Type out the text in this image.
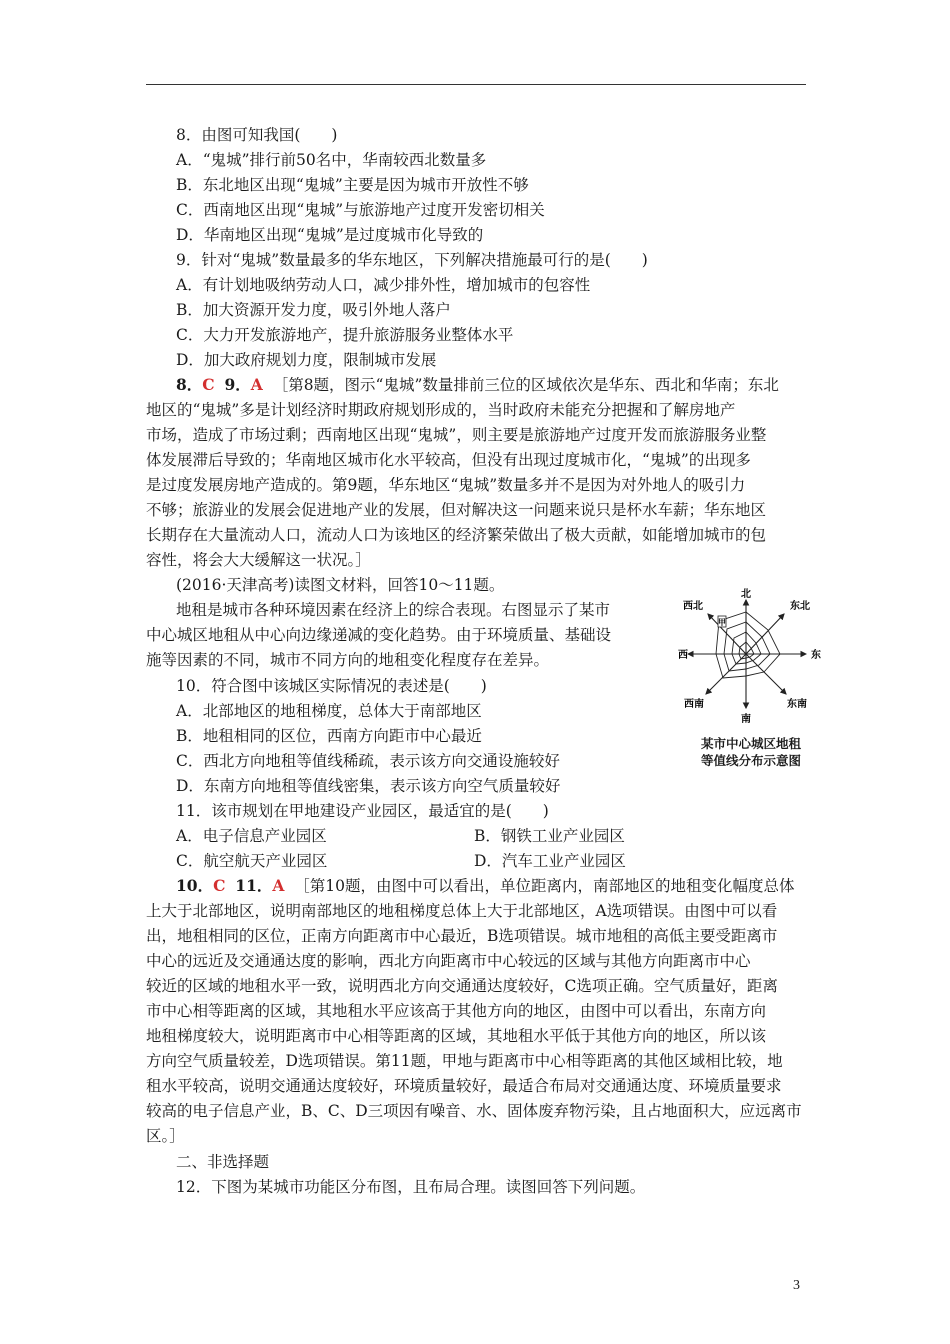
8．由图可知我国(　　)
A．“鬼城”排行前50名中，华南较西北数量多
B．东北地区出现“鬼城”主要是因为城市开放性不够
C．西南地区出现“鬼城”与旅游地产过度开发密切相关
D．华南地区出现“鬼城”是过度城市化导致的
9．针对“鬼城”数量最多的华东地区，下列解决措施最可行的是(　　)
A．有计划地吸纳劳动人口，减少排外性，增加城市的包容性
B．加大资源开发力度，吸引外地人落户
C．大力开发旅游地产，提升旅游服务业整体水平
D．加大政府规划力度，限制城市发展
8．C 9．A ［第8题，图示“鬼城”数量排前三位的区域依次是华东、西北和华南；东北
地区的“鬼城”多是计划经济时期政府规划形成的，当时政府未能充分把握和了解房地产
市场，造成了市场过剩；西南地区出现“鬼城”，则主要是旅游地产过度开发而旅游服务业整
体发展滞后导致的；华南地区城市化水平较高，但没有出现过度城市化，“鬼城”的出现多
是过度发展房地产造成的。第9题，华东地区“鬼城”数量多并不是因为对外地人的吸引力
不够；旅游业的发展会促进地产业的发展，但对解决这一问题来说只是杯水车薪；华东地区
长期存在大量流动人口，流动人口为该地区的经济繁荣做出了极大贡献，如能增加城市的包
容性，将会大大缓解这一状况。］
(2016·天津高考)读图文材料，回答10～11题。
地租是城市各种环境因素在经济上的综合表现。右图显示了某市
中心城区地租从中心向边缘递减的变化趋势。由于环境质量、基础设
施等因素的不同，城市不同方向的地租变化程度存在差异。
甲
北
东北
东
东南
南
西南
西
西北
某市中心城区地租
等值线分布示意图
10．符合图中该城区实际情况的表述是(　　)
A．北部地区的地租梯度，总体大于南部地区
B．地租相同的区位，西南方向距市中心最近
C．西北方向地租等值线稀疏，表示该方向交通设施较好
D．东南方向地租等值线密集，表示该方向空气质量较好
11．该市规划在甲地建设产业园区，最适宜的是(　　)
A．电子信息产业园区	B．钢铁工业产业园区
C．航空航天产业园区	D．汽车工业产业园区
10．C 11．A ［第10题，由图中可以看出，单位距离内，南部地区的地租变化幅度总体
上大于北部地区，说明南部地区的地租梯度总体上大于北部地区，A选项错误。由图中可以看
出，地租相同的区位，正南方向距离市中心最近，B选项错误。城市地租的高低主要受距离市
中心的远近及交通通达度的影响，西北方向距离市中心较远的区域与其他方向距离市中心
较近的区域的地租水平一致，说明西北方向交通通达度较好，C选项正确。空气质量好，距离
市中心相等距离的区域，其地租水平应该高于其他方向的地区，由图中可以看出，东南方向
地租梯度较大，说明距离市中心相等距离的区域，其地租水平低于其他方向的地区，所以该
方向空气质量较差，D选项错误。第11题，甲地与距离市中心相等距离的其他区域相比较，地
租水平较高，说明交通通达度较好，环境质量较好，最适合布局对交通通达度、环境质量要求
较高的电子信息产业，B、C、D三项因有噪音、水、固体废弃物污染，且占地面积大，应远离市
区。］
二、非选择题
12．下图为某城市功能区分布图，且布局合理。读图回答下列问题。
3
